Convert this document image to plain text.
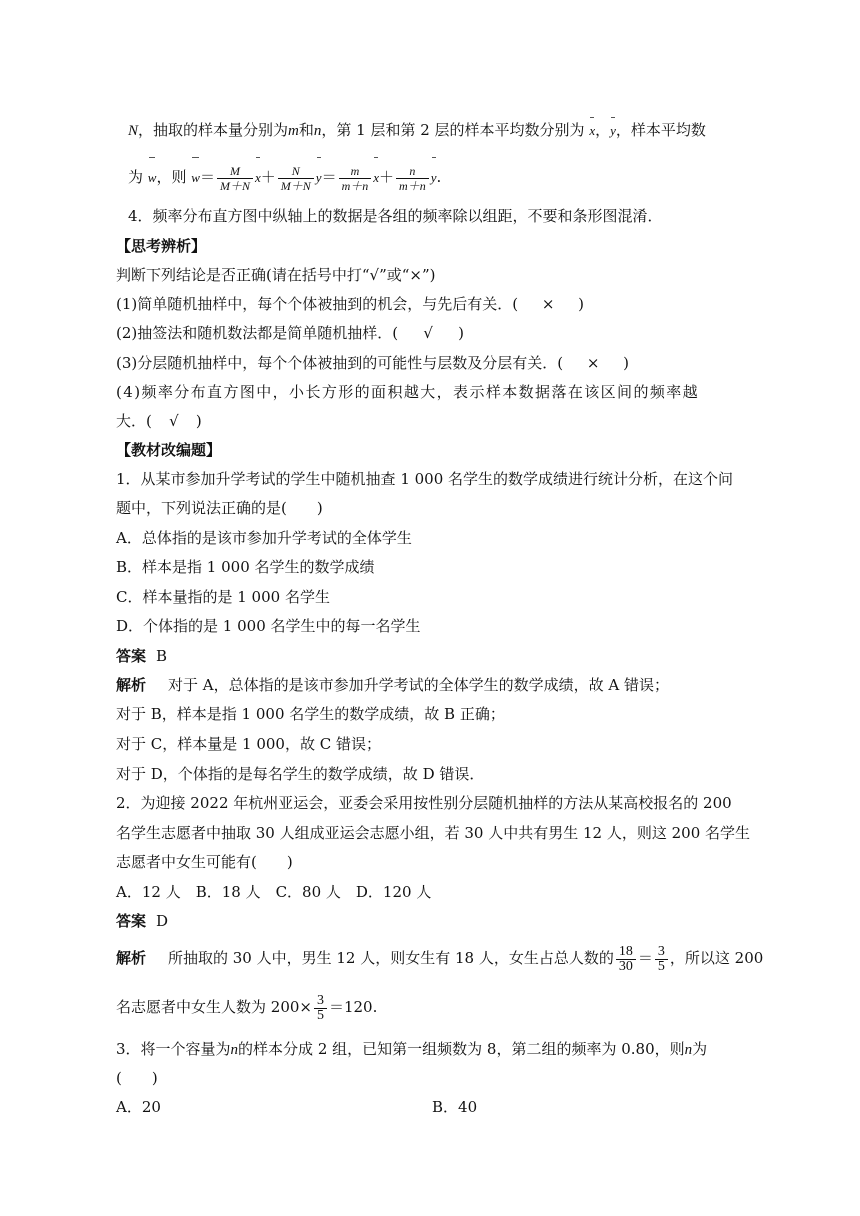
N，抽取的样本量分别为m和n，第 1 层和第 2 层的样本平均数分别为 x，y，样本平均数
为 w，则 $w= \frac{M}{M+N} x+ \frac{N}{M+N} y= \frac{m}{m+n} x+ \frac{n}{m+n} y$.
4．频率分布直方图中纵轴上的数据是各组的频率除以组距，不要和条形图混淆．
【思考辨析】
判断下列结论是否正确(请在括号中打“√”或“×”)
(1)简单随机抽样中，每个个体被抽到的机会，与先后有关．( × )
(2)抽签法和随机数法都是简单随机抽样．( √ )
(3)分层随机抽样中，每个个体被抽到的可能性与层数及分层有关．( × )
(4)频率分布直方图中，小长方形的面积越大，表示样本数据落在该区间的频率越
大．( √ )
【教材改编题】
1．从某市参加升学考试的学生中随机抽查 1 000 名学生的数学成绩进行统计分析，在这个问
题中，下列说法正确的是(　　)
A．总体指的是该市参加升学考试的全体学生
B．样本是指 1 000 名学生的数学成绩
C．样本量指的是 1 000 名学生
D．个体指的是 1 000 名学生中的每一名学生
答案 B
解析 对于 A，总体指的是该市参加升学考试的全体学生的数学成绩，故 A 错误；
对于 B，样本是指 1 000 名学生的数学成绩，故 B 正确；
对于 C，样本量是 1 000，故 C 错误；
对于 D，个体指的是每名学生的数学成绩，故 D 错误．
2．为迎接 2022 年杭州亚运会，亚委会采用按性别分层随机抽样的方法从某高校报名的 200
名学生志愿者中抽取 30 人组成亚运会志愿小组，若 30 人中共有男生 12 人，则这 200 名学生
志愿者中女生可能有(　　)
A．12 人　B．18 人　C．80 人　D．120 人
答案 D
解析 所抽取的 30 人中，男生 12 人，则女生有 18 人，女生占总人数的 $\frac{18}{30} = \frac{3}{5}$ ，所以这 200
名志愿者中女生人数为 $200\times \frac{3}{5} =120$.
3．将一个容量为n的样本分成 2 组，已知第一组频数为 8，第二组的频率为 0.80，则n为
(　　)
A．20	B．40
